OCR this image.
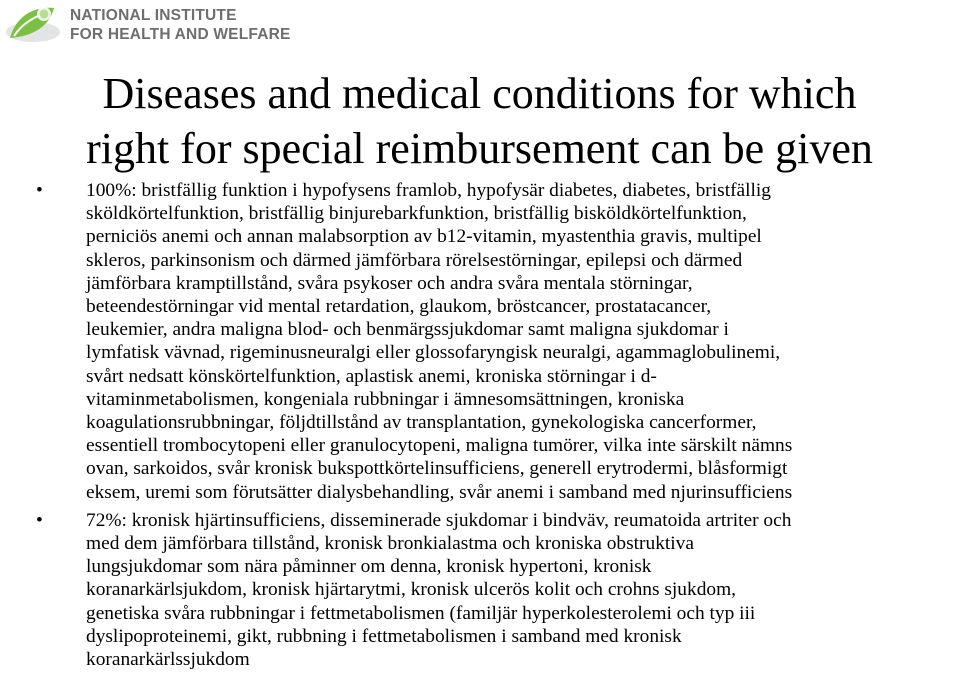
NATIONAL INSTITUTE
FOR HEALTH AND WELFARE
Diseases and medical conditions for which
right for special reimbursement can be given
• 100%: bristfällig funktion i hypofysens framlob, hypofysär diabetes, diabetes, bristfällig
sköldkörtelfunktion, bristfällig binjurebarkfunktion, bristfällig bisköldkörtelfunktion,
perniciös anemi och annan malabsorption av b12-vitamin, myastenthia gravis, multipel
skleros, parkinsonism och därmed jämförbara rörelsestörningar, epilepsi och därmed
jämförbara kramptillstånd, svåra psykoser och andra svåra mentala störningar,
beteendestörningar vid mental retardation, glaukom, bröstcancer, prostatacancer,
leukemier, andra maligna blod- och benmärgssjukdomar samt maligna sjukdomar i
lymfatisk vävnad, rigeminusneuralgi eller glossofaryngisk neuralgi, agammaglobulinemi,
svårt nedsatt könskörtelfunktion, aplastisk anemi, kroniska störningar i d-
vitaminmetabolismen, kongeniala rubbningar i ämnesomsättningen, kroniska
koagulationsrubbningar, följdtillstånd av transplantation, gynekologiska cancerformer,
essentiell trombocytopeni eller granulocytopeni, maligna tumörer, vilka inte särskilt nämns
ovan, sarkoidos, svår kronisk bukspottkörtelinsufficiens, generell erytrodermi, blåsformigt
eksem, uremi som förutsätter dialysbehandling, svår anemi i samband med njurinsufficiens
• 72%: kronisk hjärtinsufficiens, disseminerade sjukdomar i bindväv, reumatoida artriter och
med dem jämförbara tillstånd, kronisk bronkialastma och kroniska obstruktiva
lungsjukdomar som nära påminner om denna, kronisk hypertoni, kronisk
koranarkärlsjukdom, kronisk hjärtarytmi, kronisk ulcerös kolit och crohns sjukdom,
genetiska svåra rubbningar i fettmetabolismen (familjär hyperkolesterolemi och typ iii
dyslipoproteinemi, gikt, rubbning i fettmetabolismen i samband med kronisk
koranarkärlssjukdom
